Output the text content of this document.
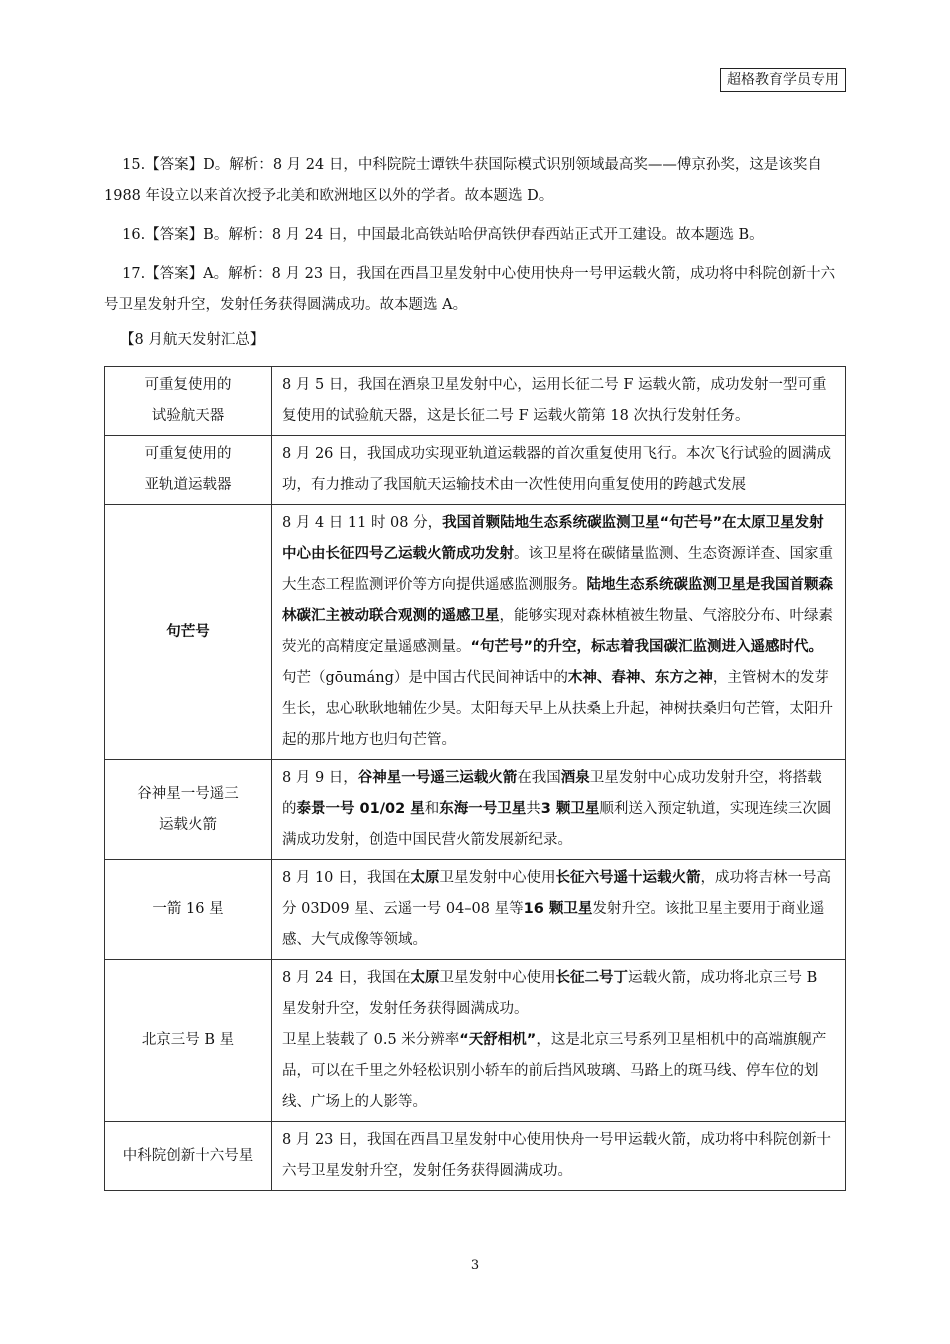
超格教育学员专用

15.【答案】D。解析：8 月 24 日，中科院院士谭铁牛获国际模式识别领域最高奖——傅京孙奖，这是该奖自 1988 年设立以来首次授予北美和欧洲地区以外的学者。故本题选 D。

16.【答案】B。解析：8 月 24 日，中国最北高铁站哈伊高铁伊春西站正式开工建设。故本题选 B。

17.【答案】A。解析：8 月 23 日，我国在西昌卫星发射中心使用快舟一号甲运载火箭，成功将中科院创新十六号卫星发射升空，发射任务获得圆满成功。故本题选 A。

【8 月航天发射汇总】
可重复使用的
试验航天器	8 月 5 日，我国在酒泉卫星发射中心，运用长征二号 F 运载火箭，成功发射一型可重复使用的试验航天器，这是长征二号 F 运载火箭第 18 次执行发射任务。
可重复使用的
亚轨道运载器	8 月 26 日，我国成功实现亚轨道运载器的首次重复使用飞行。本次飞行试验的圆满成功，有力推动了我国航天运输技术由一次性使用向重复使用的跨越式发展
句芒号	8 月 4 日 11 时 08 分，我国首颗陆地生态系统碳监测卫星“句芒号”在太原卫星发射中心由长征四号乙运载火箭成功发射。该卫星将在碳储量监测、生态资源详查、国家重大生态工程监测评价等方向提供遥感监测服务。陆地生态系统碳监测卫星是我国首颗森林碳汇主被动联合观测的遥感卫星，能够实现对森林植被生物量、气溶胶分布、叶绿素荧光的高精度定量遥感测量。“句芒号”的升空，标志着我国碳汇监测进入遥感时代。

句芒（gōumáng）是中国古代民间神话中的木神、春神、东方之神，主管树木的发芽生长，忠心耿耿地辅佐少昊。太阳每天早上从扶桑上升起，神树扶桑归句芒管，太阳升起的那片地方也归句芒管。

谷神星一号遥三
运载火箭	8 月 9 日，谷神星一号遥三运载火箭在我国酒泉卫星发射中心成功发射升空，将搭载的泰景一号 01/02 星和东海一号卫星共3 颗卫星顺利送入预定轨道，实现连续三次圆满成功发射，创造中国民营火箭发展新纪录。
一箭 16 星	8 月 10 日，我国在太原卫星发射中心使用长征六号遥十运载火箭，成功将吉林一号高分 03D09 星、云遥一号 04–08 星等16 颗卫星发射升空。该批卫星主要用于商业遥感、大气成像等领域。
北京三号 B 星	8 月 24 日，我国在太原卫星发射中心使用长征二号丁运载火箭，成功将北京三号 B 星发射升空，发射任务获得圆满成功。

卫星上装载了 0.5 米分辨率“天舒相机”，这是北京三号系列卫星相机中的高端旗舰产品，可以在千里之外轻松识别小轿车的前后挡风玻璃、马路上的斑马线、停车位的划线、广场上的人影等。

中科院创新十六号星	8 月 23 日，我国在西昌卫星发射中心使用快舟一号甲运载火箭，成功将中科院创新十六号卫星发射升空，发射任务获得圆满成功。
3
